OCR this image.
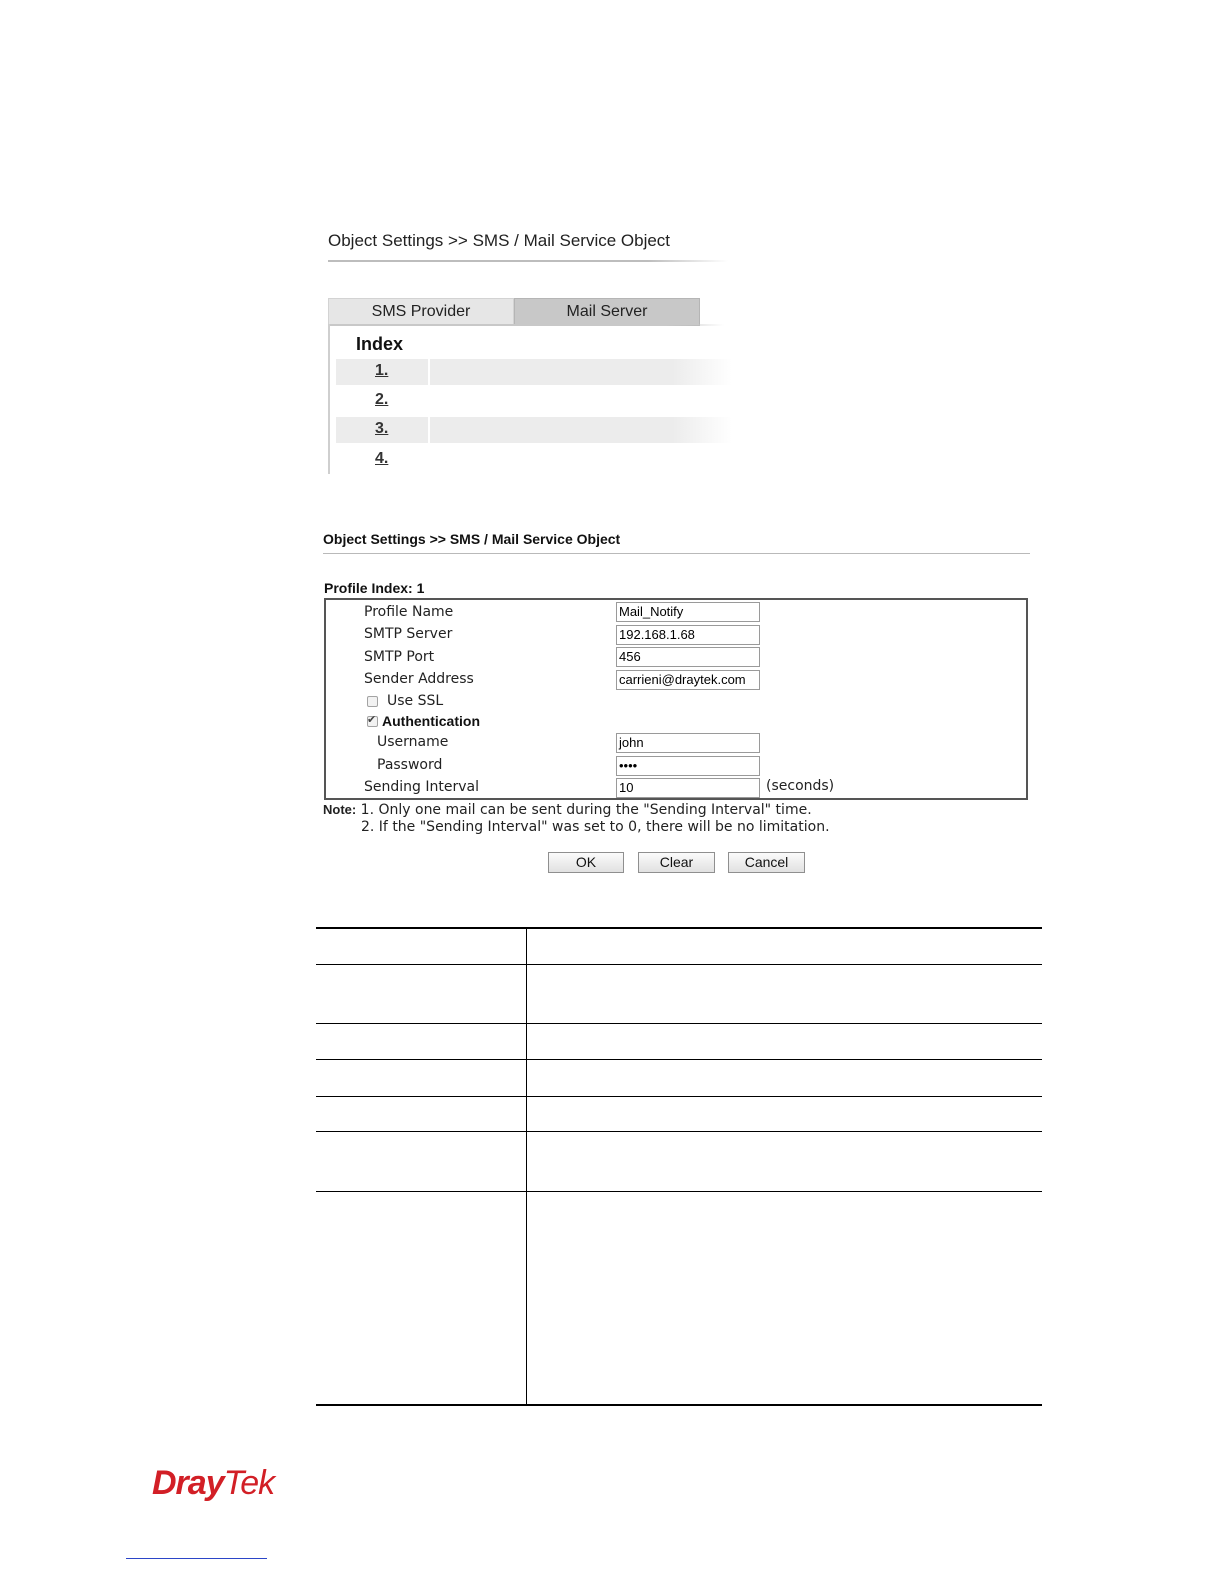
Object Settings >> SMS / Mail Service Object
SMS Provider	Mail Server
Index
1.
2.
3.
4.
Object Settings >> SMS / Mail Service Object
Profile Index: 1
Profile Name	Mail_Notify
SMTP Server	192.168.1.68
SMTP Port	456
Sender Address	carrieni@draytek.com
Use SSL
✔ Authentication
Username	john
Password	••••
Sending Interval	10	(seconds)
Note: 1. Only one mail can be sent during the "Sending Interval" time.
2. If the "Sending Interval" was set to 0, there will be no limitation.
OK	Clear	Cancel
DrayTek
